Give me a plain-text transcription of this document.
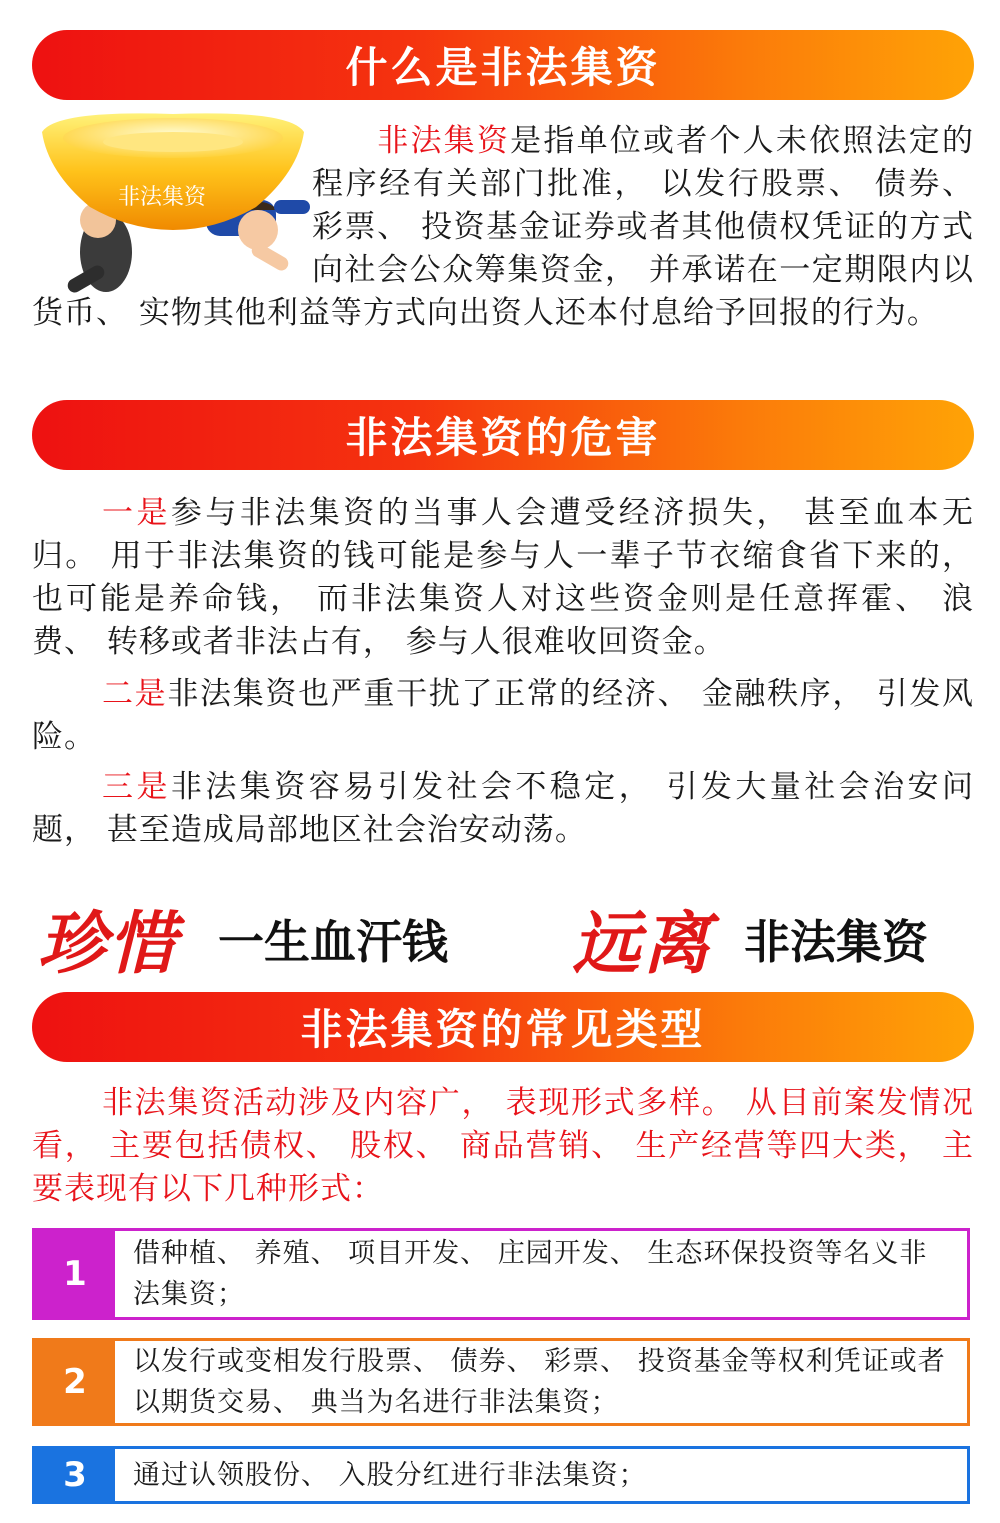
什么是非法集资
非法集资

非法集资是指单位或者个人未依照法定的程序经有关部门批准， 以发行股票、 债券、 彩票、 投资基金证券或者其他债权凭证的方式向社会公众筹集资金， 并承诺在一定期限内以货币、 实物其他利益等方式向出资人还本付息给予回报的行为。

非法集资的危害

一是参与非法集资的当事人会遭受经济损失， 甚至血本无归。 用于非法集资的钱可能是参与人一辈子节衣缩食省下来的， 也可能是养命钱， 而非法集资人对这些资金则是任意挥霍、 浪费、 转移或者非法占有， 参与人很难收回资金。

二是非法集资也严重干扰了正常的经济、 金融秩序， 引发风险。

三是非法集资容易引发社会不稳定， 引发大量社会治安问题， 甚至造成局部地区社会治安动荡。

珍惜 一生血汗钱 远离 非法集资
非法集资的常见类型

非法集资活动涉及内容广， 表现形式多样。 从目前案发情况看， 主要包括债权、 股权、 商品营销、 生产经营等四大类， 主要表现有以下几种形式：

1
借种植、 养殖、 项目开发、 庄园开发、 生态环保投资等名义非法集资；
2
以发行或变相发行股票、 债券、 彩票、 投资基金等权利凭证或者以期货交易、 典当为名进行非法集资；
3	通过认领股份、 入股分红进行非法集资；
